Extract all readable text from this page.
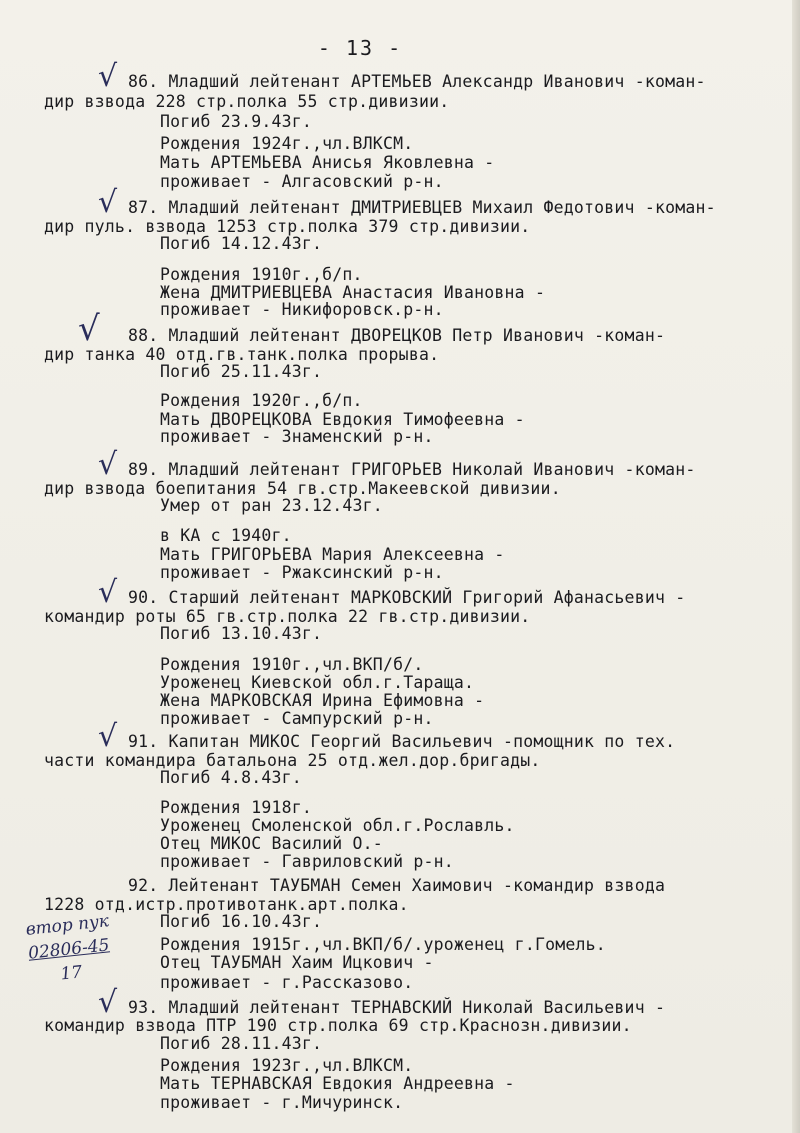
- 13 -
√ 86. Младший лейтенант АРТЕМЬЕВ Александр Иванович -коман-
дир взвода 228 стр.полка 55 стр.дивизии.
Погиб 23.9.43г.
Рождения 1924г.,чл.ВЛКСМ.
Мать АРТЕМЬЕВА Анисья Яковлевна -
проживает - Алгасовский р-н.
√ 87. Младший лейтенант ДМИТРИЕВЦЕВ Михаил Федотович -коман-
дир пуль. взвода 1253 стр.полка 379 стр.дивизии.
Погиб 14.12.43г.
Рождения 1910г.,б/п.
Жена ДМИТРИЕВЦЕВА Анастасия Ивановна -
проживает - Никифоровск.р-н.
√ 88. Младший лейтенант ДВОРЕЦКОВ Петр Иванович -коман-
дир танка 40 отд.гв.танк.полка прорыва.
Погиб 25.11.43г.
Рождения 1920г.,б/п.
Мать ДВОРЕЦКОВА Евдокия Тимофеевна -
проживает - Знаменский р-н.
√ 89. Младший лейтенант ГРИГОРЬЕВ Николай Иванович -коман-
дир взвода боепитания 54 гв.стр.Макеевской дивизии.
Умер от ран 23.12.43г.
в КА с 1940г.
Мать ГРИГОРЬЕВА Мария Алексеевна -
проживает - Ржаксинский р-н.
√ 90. Старший лейтенант МАРКОВСКИЙ Григорий Афанасьевич -
командир роты 65 гв.стр.полка 22 гв.стр.дивизии.
Погиб 13.10.43г.
Рождения 1910г.,чл.ВКП/б/.
Уроженец Киевской обл.г.Таращa.
Жена МАРКОВСКАЯ Ирина Ефимовна -
проживает - Сампурский р-н.
√ 91. Капитан МИКОС Георгий Васильевич -помощник по тех.
части командира батальона 25 отд.жел.дор.бригады.
Погиб 4.8.43г.
Рождения 1918г.
Уроженец Смоленской обл.г.Рославль.
Отец МИКОС Василий О.-
проживает - Гавриловский р-н.
92. Лейтенант ТАУБМАН Семен Хаимович -командир взвода
1228 отд.истр.противотанк.арт.полка.
Погиб 16.10.43г.
Рождения 1915г.,чл.ВКП/б/.уроженец г.Гомель.
Отец ТАУБМАН Хаим Ицкович -
проживает - г.Рассказово.
√ 93. Младший лейтенант ТЕРНАВСКИЙ Николай Васильевич -
командир взвода ПТР 190 стр.полка 69 стр.Краснозн.дивизии.
Погиб 28.11.43г.
Рождения 1923г.,чл.ВЛКСМ.
Мать ТЕРНАВСКАЯ Евдокия Андреевна -
проживает - г.Мичуринск.
втор пук
02806-45
17
